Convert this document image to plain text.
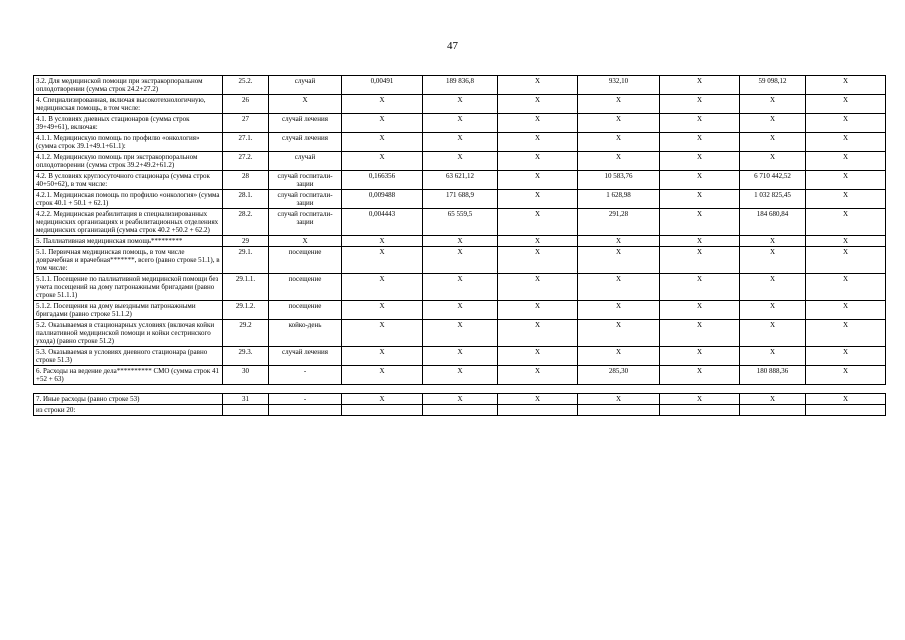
47
3.2. Для медицинской помощи при экстракорпоральном оплодотворении (сумма строк 24.2+27.2)	25.2.	случай	0,00491	189 836,8	X	932,10	X	59 098,12	X
4. Специализированная, включая высокотехнологичную, медицинская помощь, в том числе:	26	X	X	X	X	X	X	X	X
4.1. В условиях дневных стационаров (сумма строк 39+49+61), включая:	27	случай лечения	X	X	X	X	X	X	X
4.1.1. Медицинскую помощь по профилю «онкология» (сумма строк 39.1+49.1+61.1):	27.1.	случай лечения	X	X	X	X	X	X	X
4.1.2. Медицинскую помощь при экстракорпоральном оплодотворении (сумма строк 39.2+49.2+61.2)	27.2.	случай	X	X	X	X	X	X	X
4.2. В условиях круглосуточного стационара (сумма строк 40+50+62), в том числе:	28	случай госпитали-зации	0,166356	63 621,12	X	10 583,76	X	6 710 442,52	X
4.2.1. Медицинская помощь по профилю «онкология» (сумма строк 40.1 + 50.1 + 62.1)	28.1.	случай госпитали-зации	0,009488	171 688,9	X	1 628,98	X	1 032 825,45	X
4.2.2. Медицинская реабилитация в специализированных медицинских организациях и реабилитационных отделениях медицинских организаций (сумма строк 40.2 +50.2 + 62.2)	28.2.	случай госпитали-зации	0,004443	65 559,5	X	291,28	X	184 680,84	X
5. Паллиативная медицинская помощь*********	29	X	X	X	X	X	X	X	X
5.1. Первичная медицинская помощь, в том числе доврачебная и врачебная*******, всего (равно строке 51.1), в том числе:	29.1.	посещение	X	X	X	X	X	X	X
5.1.1. Посещение по паллиативной медицинской помощи без учета посещений на дому патронажными бригадами (равно строке 51.1.1)	29.1.1.	посещение	X	X	X	X	X	X	X
5.1.2. Посещения на дому выездными патронажными бригадами (равно строке 51.1.2)	29.1.2.	посещение	X	X	X	X	X	X	X
5.2. Оказываемая в стационарных условиях (включая койки паллиативной медицинской помощи и койки сестринского ухода) (равно строке 51.2)	29.2	койко-день	X	X	X	X	X	X	X
5.3. Оказываемая в условиях дневного стационара (равно строке 51.3)	29.3.	случай лечения	X	X	X	X	X	X	X
6. Расходы на ведение дела********** СМО (сумма строк 41 +52 + 63)	30	-	X	X	X	285,30	X	180 888,36	X

7. Иные расходы (равно строке 53)	31	-	X	X	X	X	X	X	X
из строки 20:									
